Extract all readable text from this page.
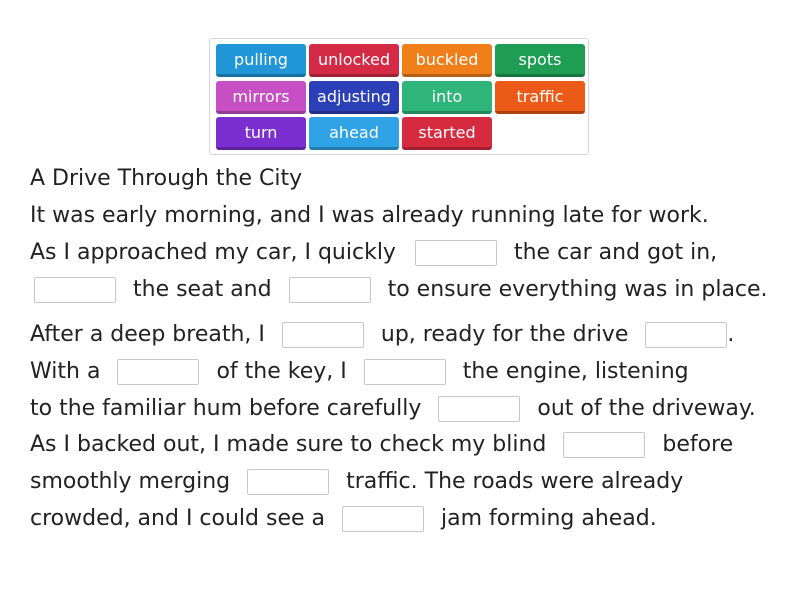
pulling	unlocked	buckled	spots
mirrors	adjusting	into	traffic
turn	ahead	started
A Drive Through the City
It was early morning, and I was already running late for work.
As I approached my car, I quickly	the car and got in,
the seat and	to ensure everything was in place.
After a deep breath, I	up, ready for the drive	.
With a	of the key, I	the engine, listening
to the familiar hum before carefully	out of the driveway.
As I backed out, I made sure to check my blind	before
smoothly merging	traffic. The roads were already
crowded, and I could see a	jam forming ahead.
